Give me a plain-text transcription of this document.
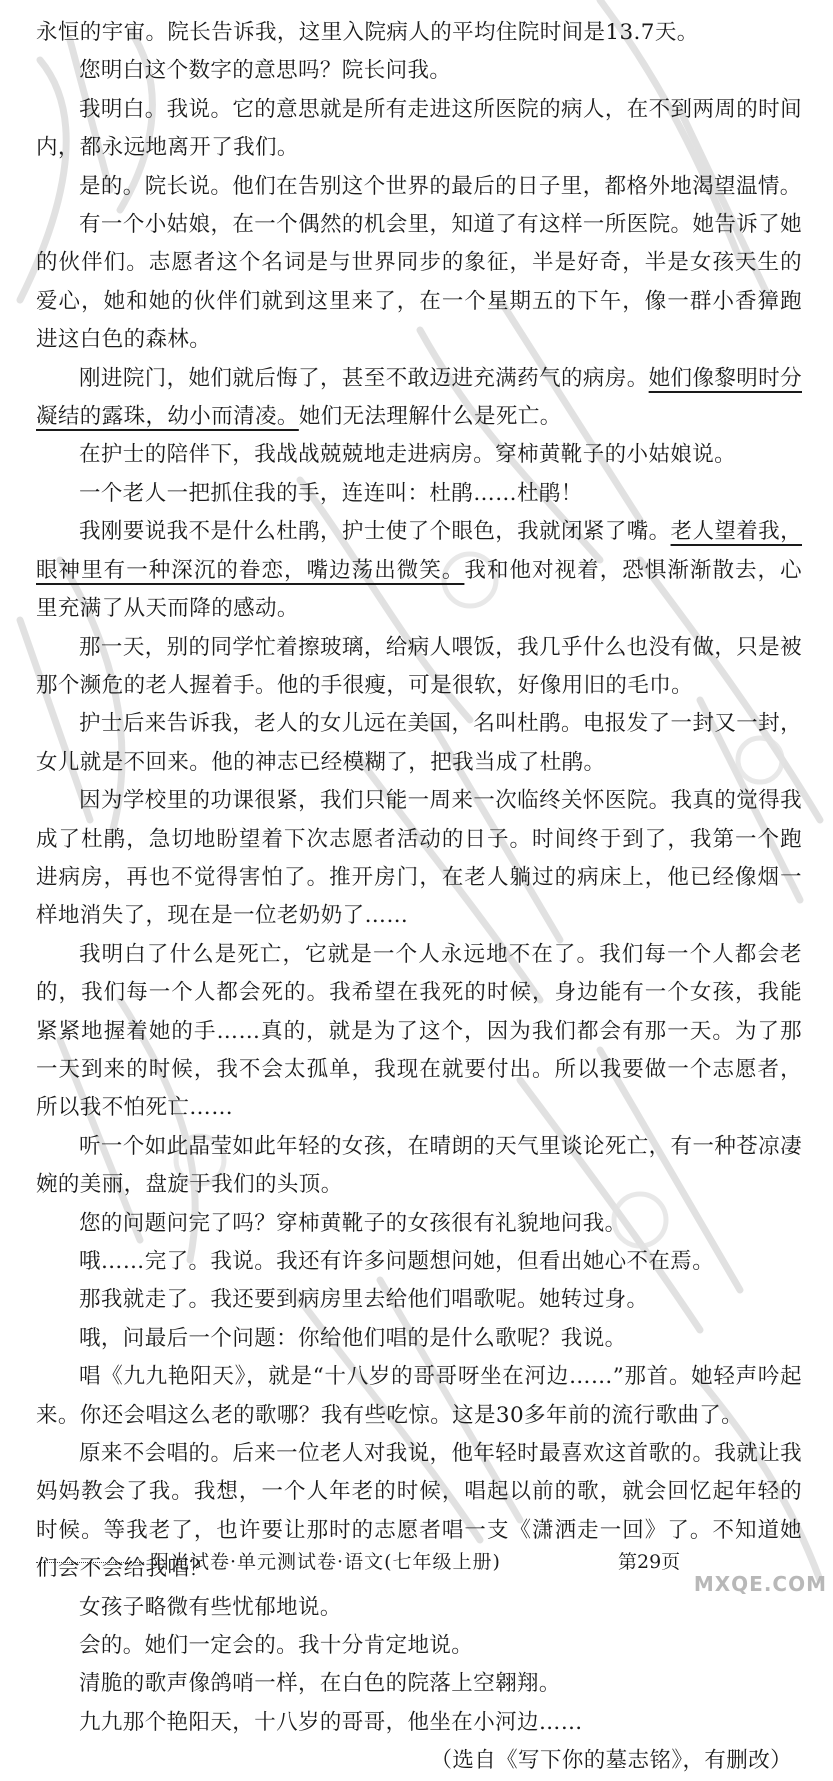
永恒的宇宙。院长告诉我，这里入院病人的平均住院时间是13.7天。

您明白这个数字的意思吗？院长问我。

我明白。我说。它的意思就是所有走进这所医院的病人，在不到两周的时间内，都永远地离开了我们。

是的。院长说。他们在告别这个世界的最后的日子里，都格外地渴望温情。

有一个小姑娘，在一个偶然的机会里，知道了有这样一所医院。她告诉了她的伙伴们。志愿者这个名词是与世界同步的象征，半是好奇，半是女孩天生的爱心，她和她的伙伴们就到这里来了，在一个星期五的下午，像一群小香獐跑进这白色的森林。

刚进院门，她们就后悔了，甚至不敢迈进充满药气的病房。她们像黎明时分凝结的露珠，幼小而清凌。她们无法理解什么是死亡。

在护士的陪伴下，我战战兢兢地走进病房。穿柿黄靴子的小姑娘说。

一个老人一把抓住我的手，连连叫：杜鹃……杜鹃！

我刚要说我不是什么杜鹃，护士使了个眼色，我就闭紧了嘴。老人望着我，眼神里有一种深沉的眷恋，嘴边荡出微笑。我和他对视着，恐惧渐渐散去，心里充满了从天而降的感动。

那一天，别的同学忙着擦玻璃，给病人喂饭，我几乎什么也没有做，只是被那个濒危的老人握着手。他的手很瘦，可是很软，好像用旧的毛巾。

护士后来告诉我，老人的女儿远在美国，名叫杜鹃。电报发了一封又一封，女儿就是不回来。他的神志已经模糊了，把我当成了杜鹃。

因为学校里的功课很紧，我们只能一周来一次临终关怀医院。我真的觉得我成了杜鹃，急切地盼望着下次志愿者活动的日子。时间终于到了，我第一个跑进病房，再也不觉得害怕了。推开房门，在老人躺过的病床上，他已经像烟一样地消失了，现在是一位老奶奶了……

我明白了什么是死亡，它就是一个人永远地不在了。我们每一个人都会老的，我们每一个人都会死的。我希望在我死的时候，身边能有一个女孩，我能紧紧地握着她的手……真的，就是为了这个，因为我们都会有那一天。为了那一天到来的时候，我不会太孤单，我现在就要付出。所以我要做一个志愿者，所以我不怕死亡……

听一个如此晶莹如此年轻的女孩，在晴朗的天气里谈论死亡，有一种苍凉凄婉的美丽，盘旋于我们的头顶。

您的问题问完了吗？穿柿黄靴子的女孩很有礼貌地问我。

哦……完了。我说。我还有许多问题想问她，但看出她心不在焉。

那我就走了。我还要到病房里去给他们唱歌呢。她转过身。

哦，问最后一个问题：你给他们唱的是什么歌呢？我说。

唱《九九艳阳天》，就是“十八岁的哥哥呀坐在河边……”那首。她轻声吟起来。你还会唱这么老的歌哪？我有些吃惊。这是30多年前的流行歌曲了。

原来不会唱的。后来一位老人对我说，他年轻时最喜欢这首歌的。我就让我妈妈教会了我。我想，一个人年老的时候，唱起以前的歌，就会回忆起年轻的时候。等我老了，也许要让那时的志愿者唱一支《潇洒走一回》了。不知道她们会不会给我唱？

女孩子略微有些忧郁地说。

会的。她们一定会的。我十分肯定地说。

清脆的歌声像鸽哨一样，在白色的院落上空翱翔。

九九那个艳阳天，十八岁的哥哥，他坐在小河边……

（选自《写下你的墓志铭》，有删改）

阳光试卷·单元测试卷·语文(七年级上册)	第29页
MXQE.COM
